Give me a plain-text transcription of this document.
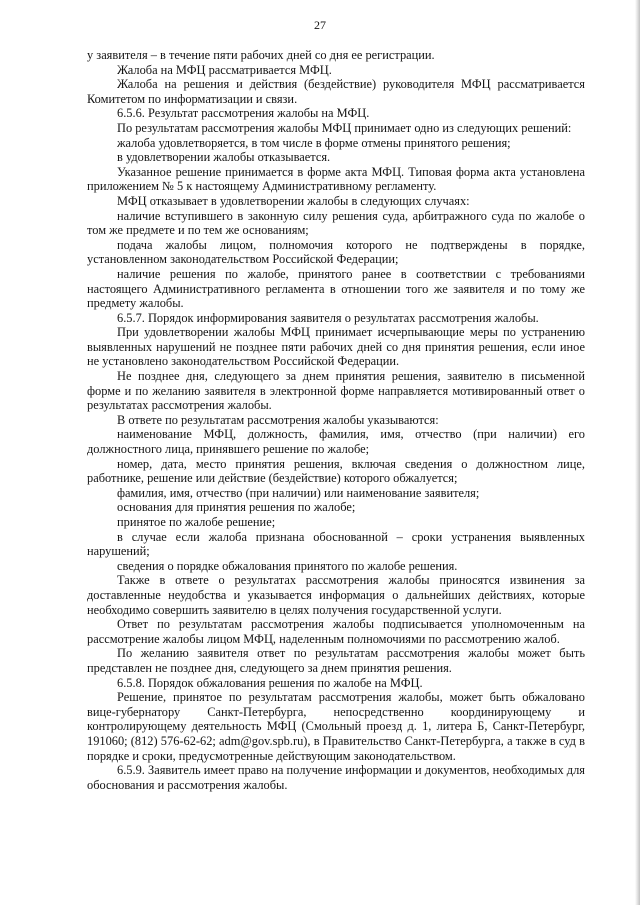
27

у заявителя – в течение пяти рабочих дней со дня ее регистрации.

Жалоба на МФЦ рассматривается МФЦ.

Жалоба на решения и действия (бездействие) руководителя МФЦ рассматривается Комитетом по информатизации и связи.

6.5.6. Результат рассмотрения жалобы на МФЦ.

По результатам рассмотрения жалобы МФЦ принимает одно из следующих решений:

жалоба удовлетворяется, в том числе в форме отмены принятого решения;

в удовлетворении жалобы отказывается.

Указанное решение принимается в форме акта МФЦ. Типовая форма акта установлена приложением № 5 к настоящему Административному регламенту.

МФЦ отказывает в удовлетворении жалобы в следующих случаях:

наличие вступившего в законную силу решения суда, арбитражного суда по жалобе о том же предмете и по тем же основаниям;

подача жалобы лицом, полномочия которого не подтверждены в порядке, установленном законодательством Российской Федерации;

наличие решения по жалобе, принятого ранее в соответствии с требованиями настоящего Административного регламента в отношении того же заявителя и по тому же предмету жалобы.

6.5.7. Порядок информирования заявителя о результатах рассмотрения жалобы.

При удовлетворении жалобы МФЦ принимает исчерпывающие меры по устранению выявленных нарушений не позднее пяти рабочих дней со дня принятия решения, если иное не установлено законодательством Российской Федерации.

Не позднее дня, следующего за днем принятия решения, заявителю в письменной форме и по желанию заявителя в электронной форме направляется мотивированный ответ о результатах рассмотрения жалобы.

В ответе по результатам рассмотрения жалобы указываются:

наименование МФЦ, должность, фамилия, имя, отчество (при наличии) его должностного лица, принявшего решение по жалобе;

номер, дата, место принятия решения, включая сведения о должностном лице, работнике, решение или действие (бездействие) которого обжалуется;

фамилия, имя, отчество (при наличии) или наименование заявителя;

основания для принятия решения по жалобе;

принятое по жалобе решение;

в случае если жалоба признана обоснованной – сроки устранения выявленных нарушений;

сведения о порядке обжалования принятого по жалобе решения.

Также в ответе о результатах рассмотрения жалобы приносятся извинения за доставленные неудобства и указывается информация о дальнейших действиях, которые необходимо совершить заявителю в целях получения государственной услуги.

Ответ по результатам рассмотрения жалобы подписывается уполномоченным на рассмотрение жалобы лицом МФЦ, наделенным полномочиями по рассмотрению жалоб.

По желанию заявителя ответ по результатам рассмотрения жалобы может быть представлен не позднее дня, следующего за днем принятия решения.

6.5.8. Порядок обжалования решения по жалобе на МФЦ.

Решение, принятое по результатам рассмотрения жалобы, может быть обжаловано вице-губернатору Санкт-Петербурга, непосредственно координирующему и контролирующему деятельность МФЦ (Смольный проезд д. 1, литера Б, Санкт-Петербург, 191060; (812) 576-62-62; adm@gov.spb.ru), в Правительство Санкт-Петербурга, а также в суд в порядке и сроки, предусмотренные действующим законодательством.

6.5.9. Заявитель имеет право на получение информации и документов, необходимых для обоснования и рассмотрения жалобы.
